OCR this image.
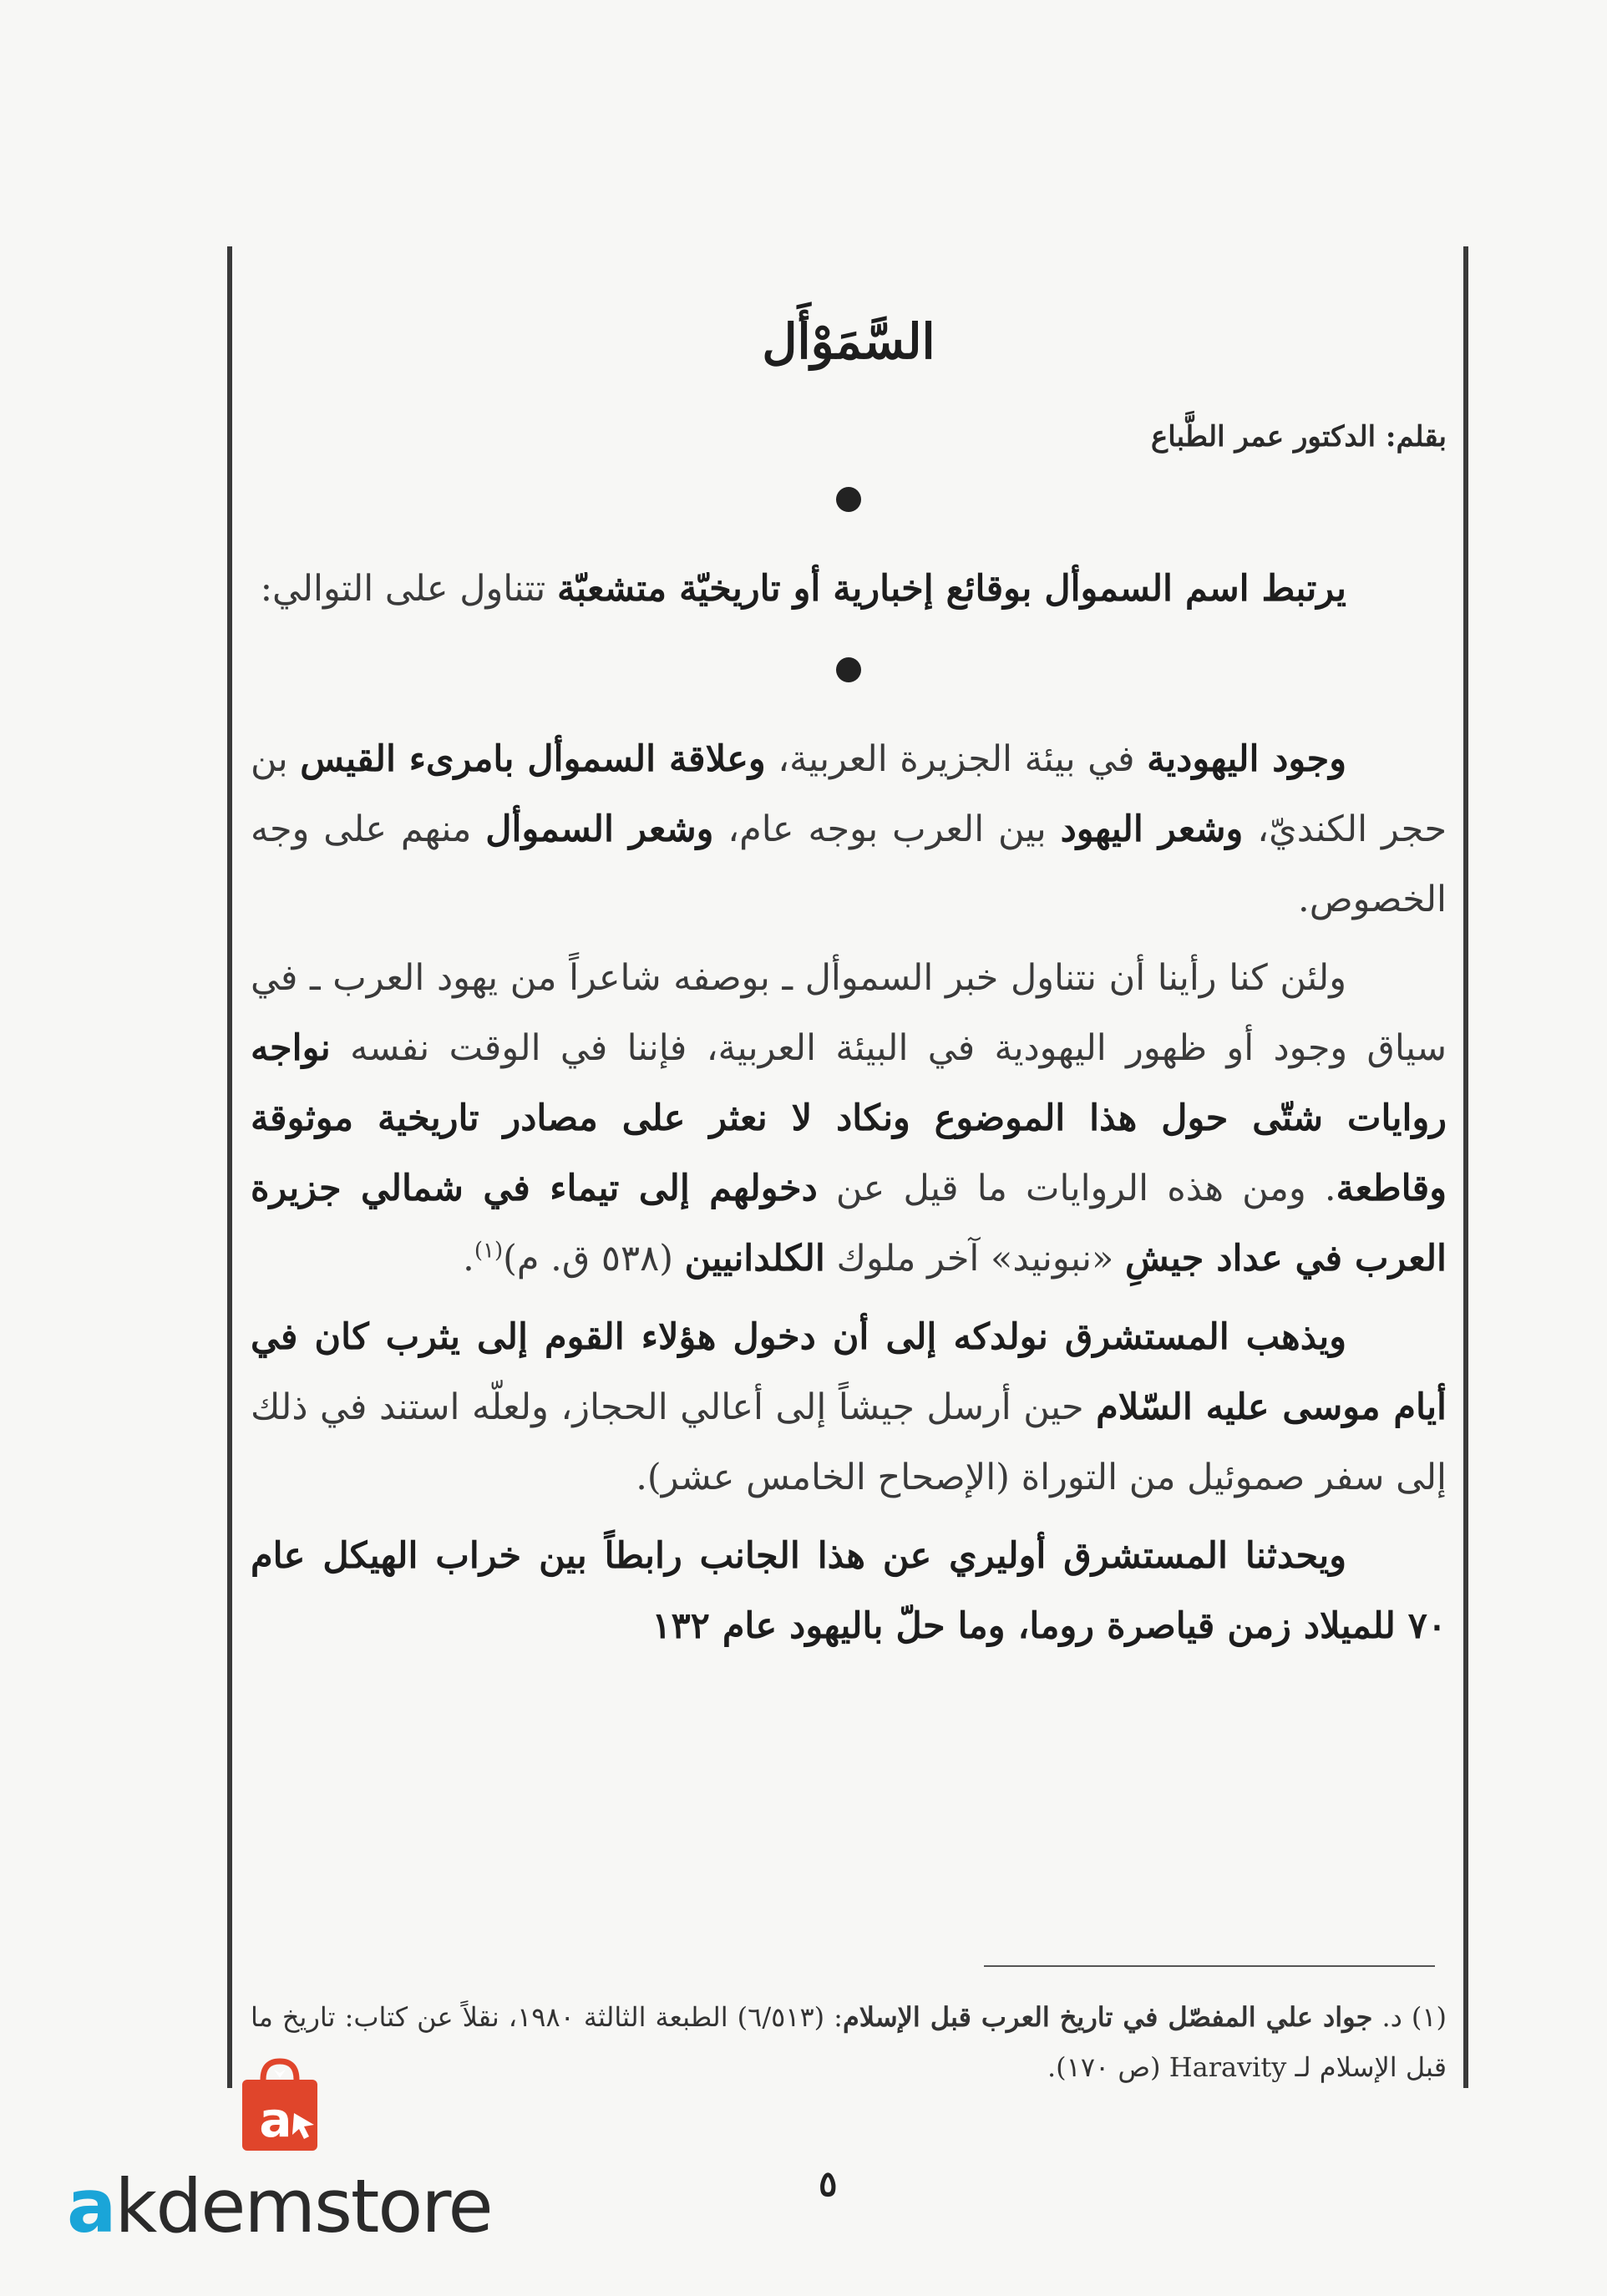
السَّمَوْأَل
بقلم: الدكتور عمر الطَّباع

يرتبط اسم السموأل بوقائع إخبارية أو تاريخيّة متشعبّة تتناول على التوالي:

وجود اليهودية في بيئة الجزيرة العربية، وعلاقة السموأل بامرىء القيس بن حجر الكنديّ، وشعر اليهود بين العرب بوجه عام، وشعر السموأل منهم على وجه الخصوص.

ولئن كنا رأينا أن نتناول خبر السموأل ـ بوصفه شاعراً من يهود العرب ـ في سياق وجود أو ظهور اليهودية في البيئة العربية، فإننا في الوقت نفسه نواجه روايات شتّى حول هذا الموضوع ونكاد لا نعثر على مصادر تاريخية موثوقة وقاطعة. ومن هذه الروايات ما قيل عن دخولهم إلى تيماء في شمالي جزيرة العرب في عداد جيشِ «نبونيد» آخر ملوك الكلدانيين (٥٣٨ ق. م)$^{(١)}$.

ويذهب المستشرق نولدكه إلى أن دخول هؤلاء القوم إلى يثرب كان في أيام موسى عليه السّلام حين أرسل جيشاً إلى أعالي الحجاز، ولعلّه استند في ذلك إلى سفر صموئيل من التوراة (الإصحاح الخامس عشر).

ويحدثنا المستشرق أوليري عن هذا الجانب رابطاً بين خراب الهيكل عام ٧٠ للميلاد زمن قياصرة روما، وما حلّ باليهود عام ١٣٢

(١) د. جواد علي المفصّل في تاريخ العرب قبل الإسلام: (٦/٥١٣) الطبعة الثالثة ١٩٨٠، نقلاً عن كتاب: تاريخ ما قبل الإسلام لـ Haravity (ص ١٧٠).
٥
a
akdemstore
